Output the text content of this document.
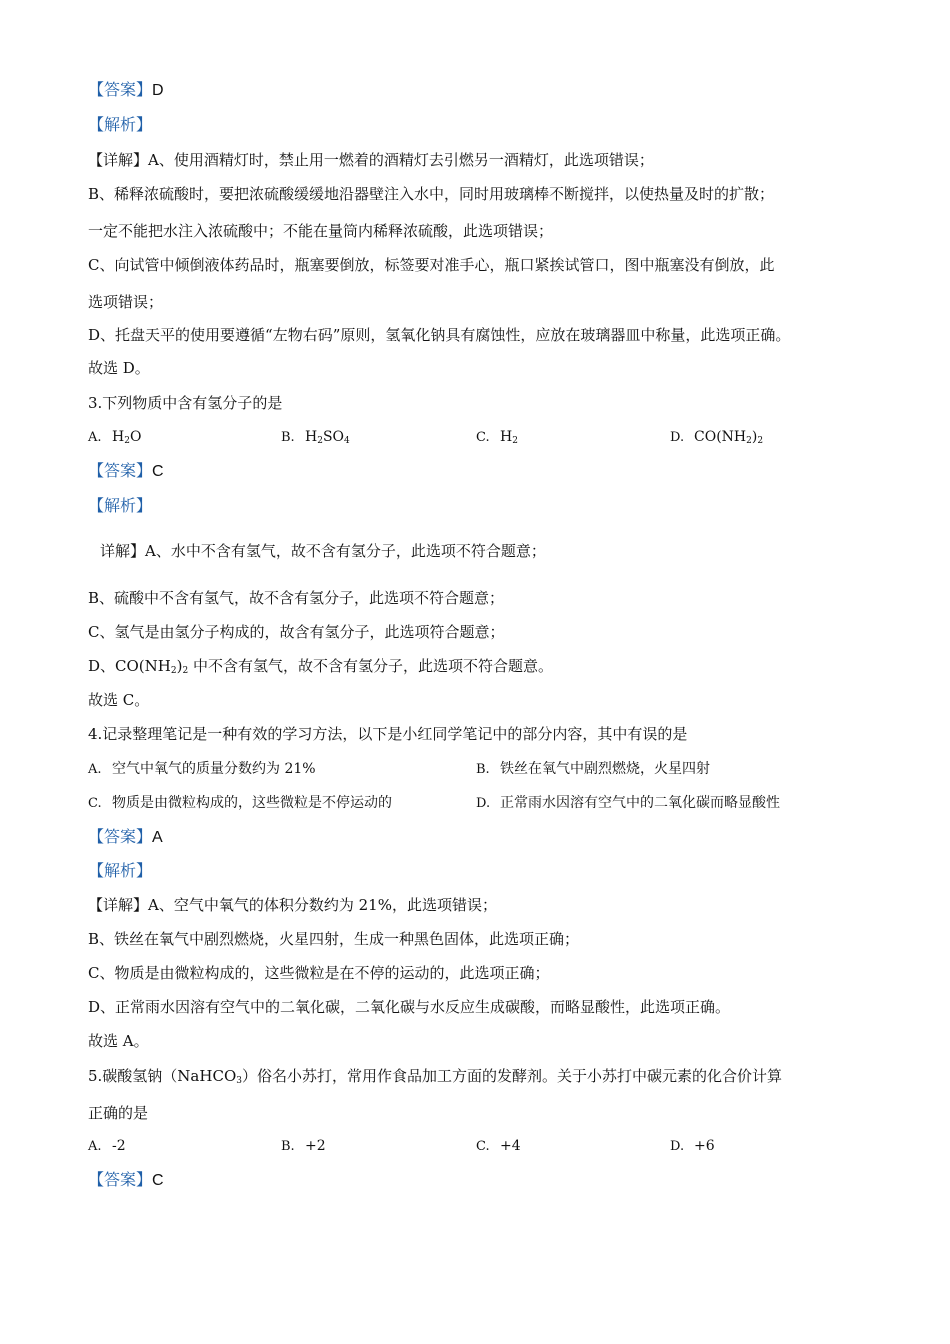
【答案】D
【解析】
【详解】A、使用酒精灯时，禁止用一燃着的酒精灯去引燃另一酒精灯，此选项错误；
B、稀释浓硫酸时，要把浓硫酸缓缓地沿器壁注入水中，同时用玻璃棒不断搅拌，以使热量及时的扩散；
一定不能把水注入浓硫酸中；不能在量筒内稀释浓硫酸，此选项错误；
C、向试管中倾倒液体药品时，瓶塞要倒放，标签要对准手心，瓶口紧挨试管口，图中瓶塞没有倒放，此
选项错误；
D、托盘天平的使用要遵循“左物右码”原则，氢氧化钠具有腐蚀性，应放在玻璃器皿中称量，此选项正确。
故选 D。
3.下列物质中含有氢分子的是
A. $H_2O$	B. $H_2SO_4$	C. $H_2$	D. $CO(NH_2)_2$
【答案】C
【解析】
详解】A、水中不含有氢气，故不含有氢分子，此选项不符合题意；
B、硫酸中不含有氢气，故不含有氢分子，此选项不符合题意；
C、氢气是由氢分子构成的，故含有氢分子，此选项符合题意；
D、$CO(NH_2)_2$ 中不含有氢气，故不含有氢分子，此选项不符合题意。
故选 C。
4.记录整理笔记是一种有效的学习方法，以下是小红同学笔记中的部分内容，其中有误的是
A. 空气中氧气的质量分数约为 21%	B. 铁丝在氧气中剧烈燃烧，火星四射
C. 物质是由微粒构成的，这些微粒是不停运动的	D. 正常雨水因溶有空气中的二氧化碳而略显酸性
【答案】A
【解析】
【详解】A、空气中氧气的体积分数约为 21%，此选项错误；
B、铁丝在氧气中剧烈燃烧，火星四射，生成一种黑色固体，此选项正确；
C、物质是由微粒构成的，这些微粒是在不停的运动的，此选项正确；
D、正常雨水因溶有空气中的二氧化碳，二氧化碳与水反应生成碳酸，而略显酸性，此选项正确。
故选 A。
5.碳酸氢钠（NaHCO$_3$）俗名小苏打，常用作食品加工方面的发酵剂。关于小苏打中碳元素的化合价计算
正确的是
A. -2	B. +2	C. +4	D. +6
【答案】C
